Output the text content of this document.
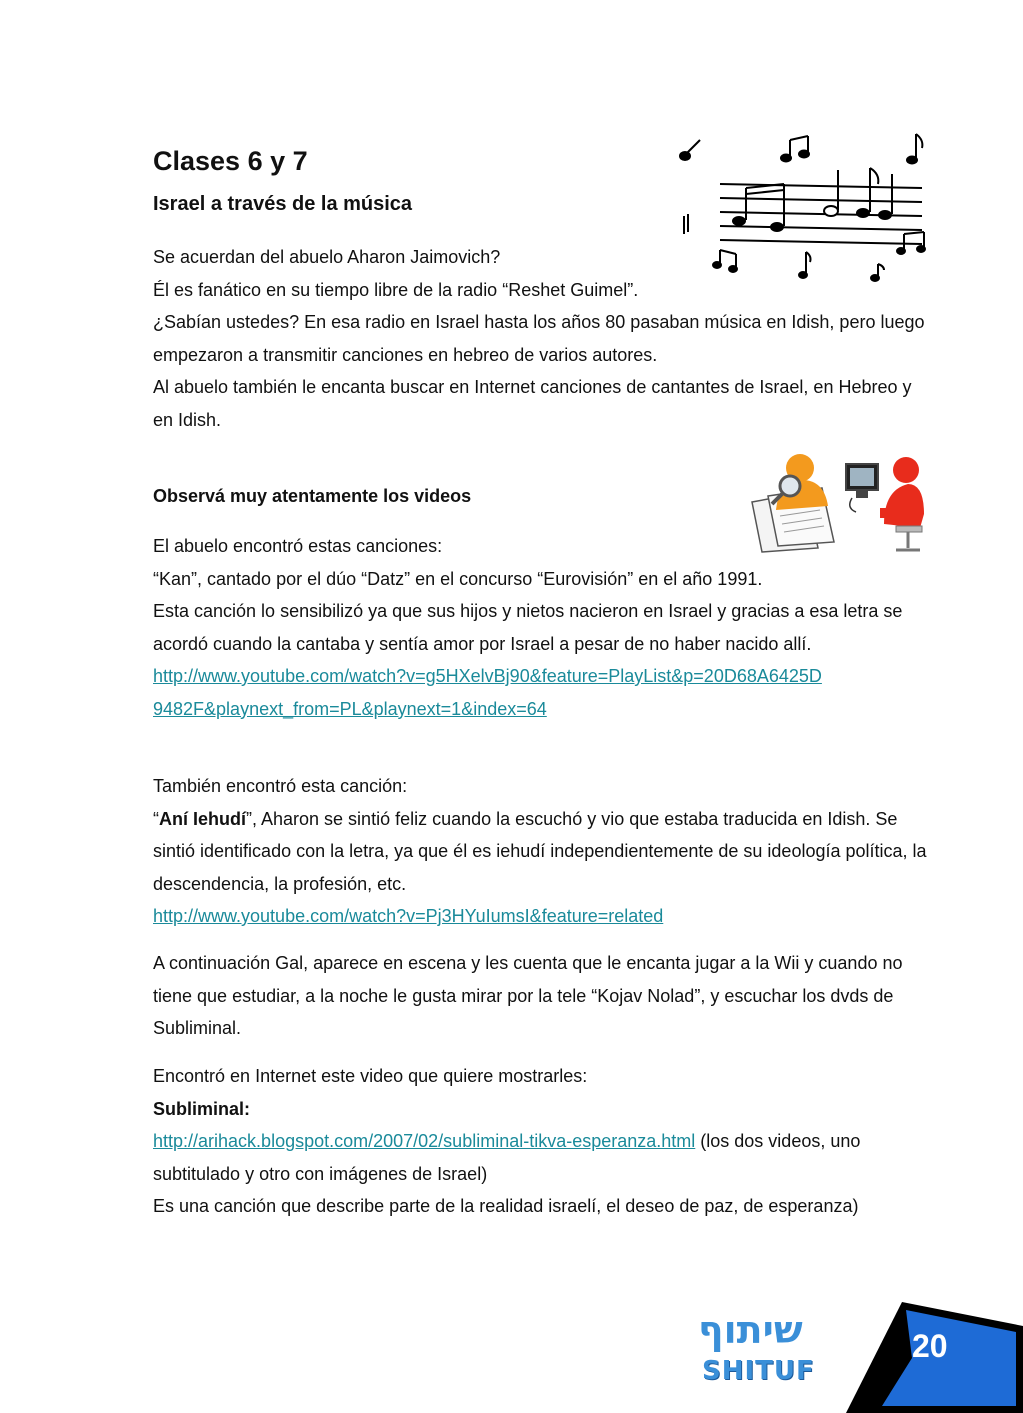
Clases 6 y 7
Israel a través de la música

Se acuerdan del abuelo Aharon Jaimovich?

Él es fanático en su tiempo libre de la radio “Reshet Guimel”.

¿Sabían ustedes? En esa radio en Israel hasta los años 80 pasaban música en Idish, pero luego empezaron a transmitir canciones en hebreo de varios autores.

Al abuelo también le encanta buscar en Internet canciones de cantantes de Israel, en Hebreo y en Idish.

Observá muy atentamente los videos

El abuelo encontró estas canciones:

“Kan”, cantado por el dúo “Datz” en el concurso “Eurovisión” en el año 1991.

Esta canción lo sensibilizó ya que sus hijos y nietos nacieron en Israel y gracias a esa letra se acordó cuando la cantaba y sentía amor por Israel a pesar de no haber nacido allí.

http://www.youtube.com/watch?v=g5HXelvBj90&feature=PlayList&p=20D68A6425D
9482F&playnext_from=PL&playnext=1&index=64

También encontró esta canción:

“Aní Iehudí”, Aharon se sintió feliz cuando la escuchó y vio que estaba traducida en Idish. Se sintió identificado con la letra, ya que él es iehudí independientemente de su ideología política, la descendencia, la profesión, etc.

http://www.youtube.com/watch?v=Pj3HYuIumsI&feature=related

A continuación Gal, aparece en escena y les cuenta que le encanta jugar a la Wii y cuando no tiene que estudiar, a la noche le gusta mirar por la tele “Kojav Nolad”, y escuchar los dvds de Subliminal.

Encontró en Internet este video que quiere mostrarles:

Subliminal:

http://arihack.blogspot.com/2007/02/subliminal-tikva-esperanza.html (los dos videos, uno subtitulado y otro con imágenes de Israel)

Es una canción que describe parte de la realidad israelí, el deseo de paz, de esperanza)

שיתוף
SHITUF
20
